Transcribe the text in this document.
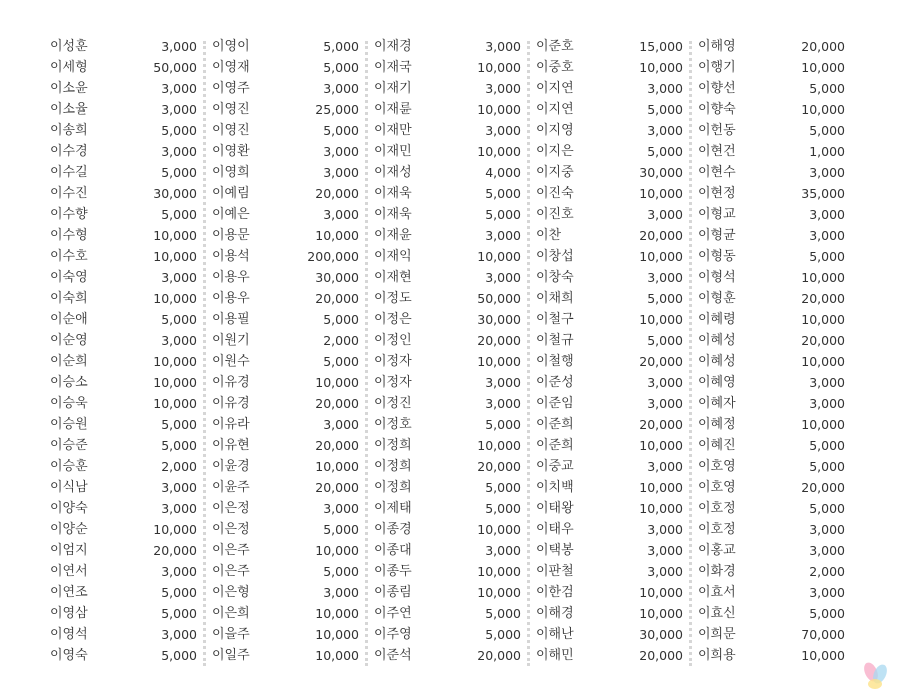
이성훈	3,000
이세형	50,000
이소윤	3,000
이소율	3,000
이송희	5,000
이수경	3,000
이수길	5,000
이수진	30,000
이수향	5,000
이수형	10,000
이수호	10,000
이숙영	3,000
이숙희	10,000
이순애	5,000
이순영	3,000
이순희	10,000
이승소	10,000
이승욱	10,000
이승원	5,000
이승준	5,000
이승훈	2,000
이식남	3,000
이양숙	3,000
이양순	10,000
이엄지	20,000
이연서	3,000
이연조	5,000
이영삼	5,000
이영석	3,000
이영숙	5,000
이영이	5,000
이영재	5,000
이영주	3,000
이영진	25,000
이영진	5,000
이영환	3,000
이영희	3,000
이예림	20,000
이예은	3,000
이용문	10,000
이용석	200,000
이용우	30,000
이용우	20,000
이용필	5,000
이원기	2,000
이원수	5,000
이유경	10,000
이유경	20,000
이유라	3,000
이유현	20,000
이윤경	10,000
이윤주	20,000
이은정	3,000
이은정	5,000
이은주	10,000
이은주	5,000
이은형	3,000
이은희	10,000
이을주	10,000
이일주	10,000
이재경	3,000
이재국	10,000
이재기	3,000
이재륜	10,000
이재만	3,000
이재민	10,000
이재성	4,000
이재욱	5,000
이재욱	5,000
이재윤	3,000
이재익	10,000
이재현	3,000
이정도	50,000
이정은	30,000
이정인	20,000
이정자	10,000
이정자	3,000
이정진	3,000
이정호	5,000
이정희	10,000
이정희	20,000
이정희	5,000
이제태	5,000
이종경	10,000
이종대	3,000
이종두	10,000
이종림	10,000
이주연	5,000
이주영	5,000
이준석	20,000
이준호	15,000
이중호	10,000
이지연	3,000
이지연	5,000
이지영	3,000
이지은	5,000
이지중	30,000
이진숙	10,000
이진호	3,000
이찬	20,000
이창섭	10,000
이창숙	3,000
이채희	5,000
이철구	10,000
이철규	5,000
이철행	20,000
이준성	3,000
이준임	3,000
이준희	20,000
이준희	10,000
이중교	3,000
이치백	10,000
이태왕	10,000
이태우	3,000
이택봉	3,000
이판철	3,000
이한검	10,000
이해경	10,000
이해난	30,000
이해민	20,000
이해영	20,000
이행기	10,000
이향선	5,000
이향숙	10,000
이헌동	5,000
이현건	1,000
이현수	3,000
이현정	35,000
이형교	3,000
이형균	3,000
이형동	5,000
이형석	10,000
이형훈	20,000
이혜령	10,000
이혜성	20,000
이혜성	10,000
이혜영	3,000
이혜자	3,000
이혜정	10,000
이혜진	5,000
이호영	5,000
이호영	20,000
이호정	5,000
이호정	3,000
이홍교	3,000
이화경	2,000
이효서	3,000
이효신	5,000
이희문	70,000
이희용	10,000
